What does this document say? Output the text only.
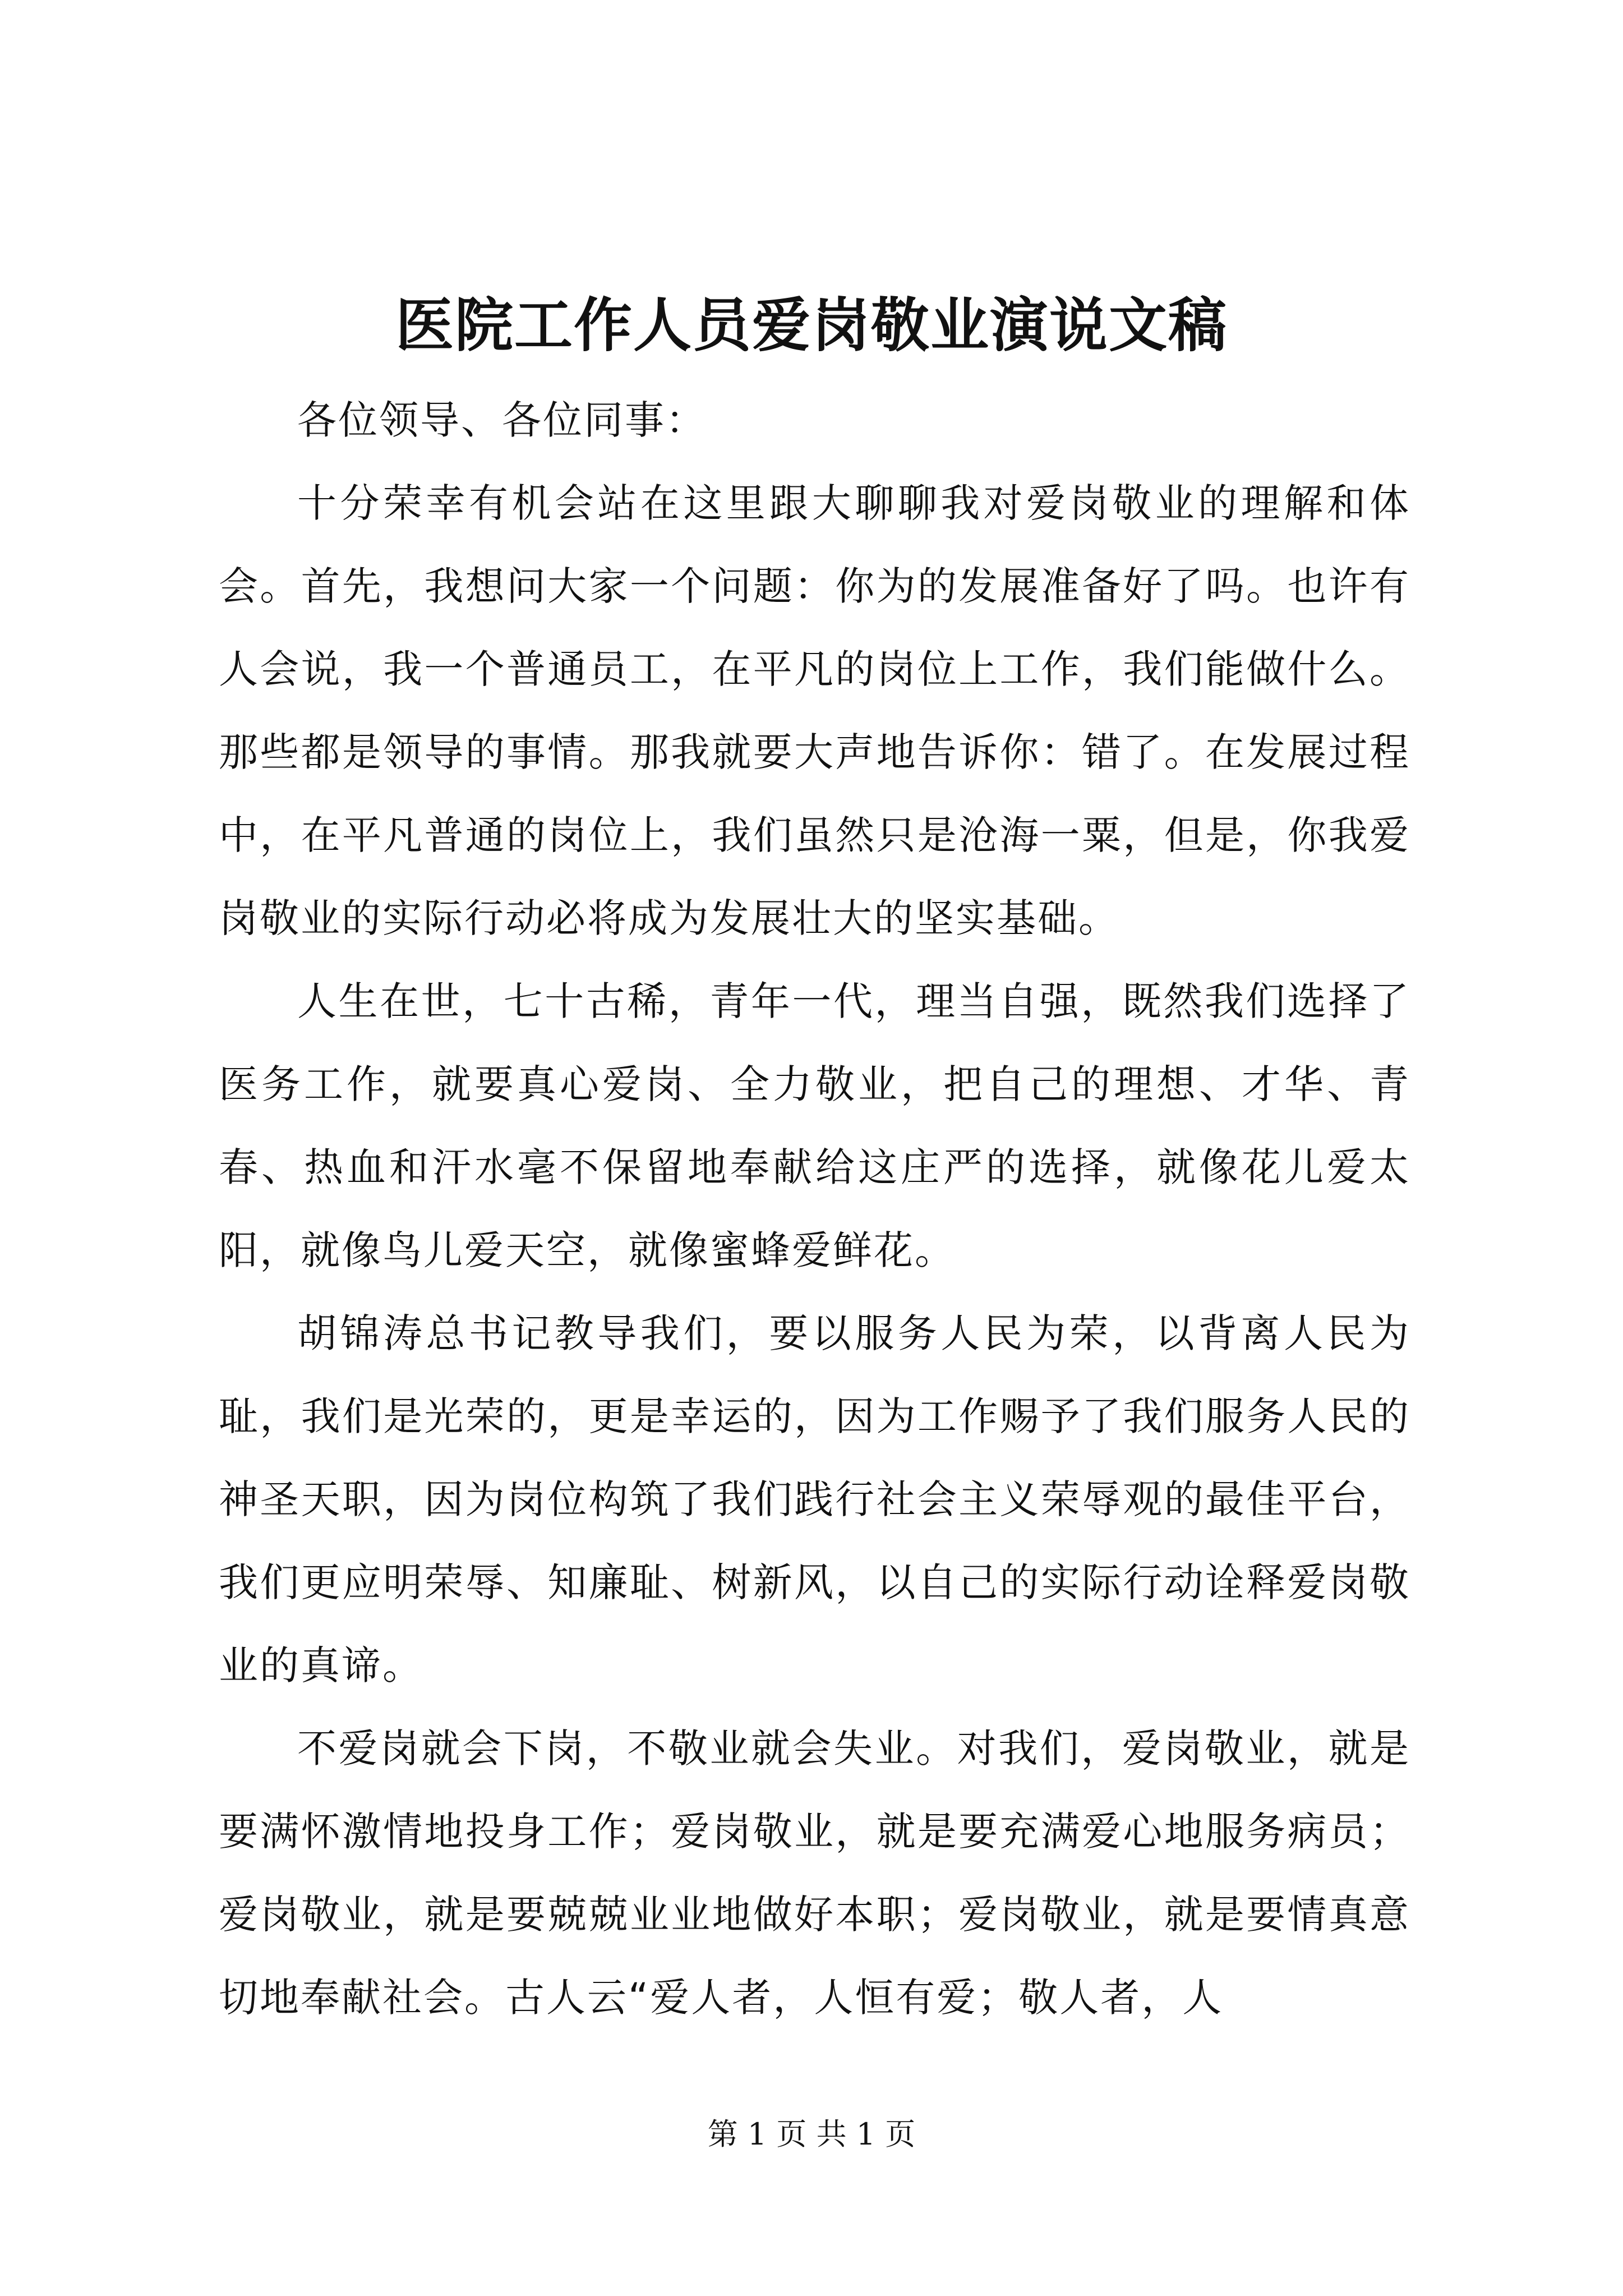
医院工作人员爱岗敬业演说文稿

各位领导、各位同事：

十分荣幸有机会站在这里跟大聊聊我对爱岗敬业的理解和体会。首先，我想问大家一个问题：你为的发展准备好了吗。也许有人会说，我一个普通员工，在平凡的岗位上工作，我们能做什么。那些都是领导的事情。那我就要大声地告诉你：错了。在发展过程中，在平凡普通的岗位上，我们虽然只是沧海一粟，但是，你我爱岗敬业的实际行动必将成为发展壮大的坚实基础。

人生在世，七十古稀，青年一代，理当自强，既然我们选择了医务工作，就要真心爱岗、全力敬业，把自己的理想、才华、青春、热血和汗水毫不保留地奉献给这庄严的选择，就像花儿爱太阳，就像鸟儿爱天空，就像蜜蜂爱鲜花。

胡锦涛总书记教导我们，要以服务人民为荣，以背离人民为耻，我们是光荣的，更是幸运的，因为工作赐予了我们服务人民的神圣天职，因为岗位构筑了我们践行社会主义荣辱观的最佳平台，我们更应明荣辱、知廉耻、树新风，以自己的实际行动诠释爱岗敬业的真谛。

不爱岗就会下岗，不敬业就会失业。对我们，爱岗敬业，就是要满怀激情地投身工作；爱岗敬业，就是要充满爱心地服务病员；爱岗敬业，就是要兢兢业业地做好本职；爱岗敬业，就是要情真意切地奉献社会。古人云“爱人者，人恒有爱；敬人者，人

第 1 页 共 1 页
